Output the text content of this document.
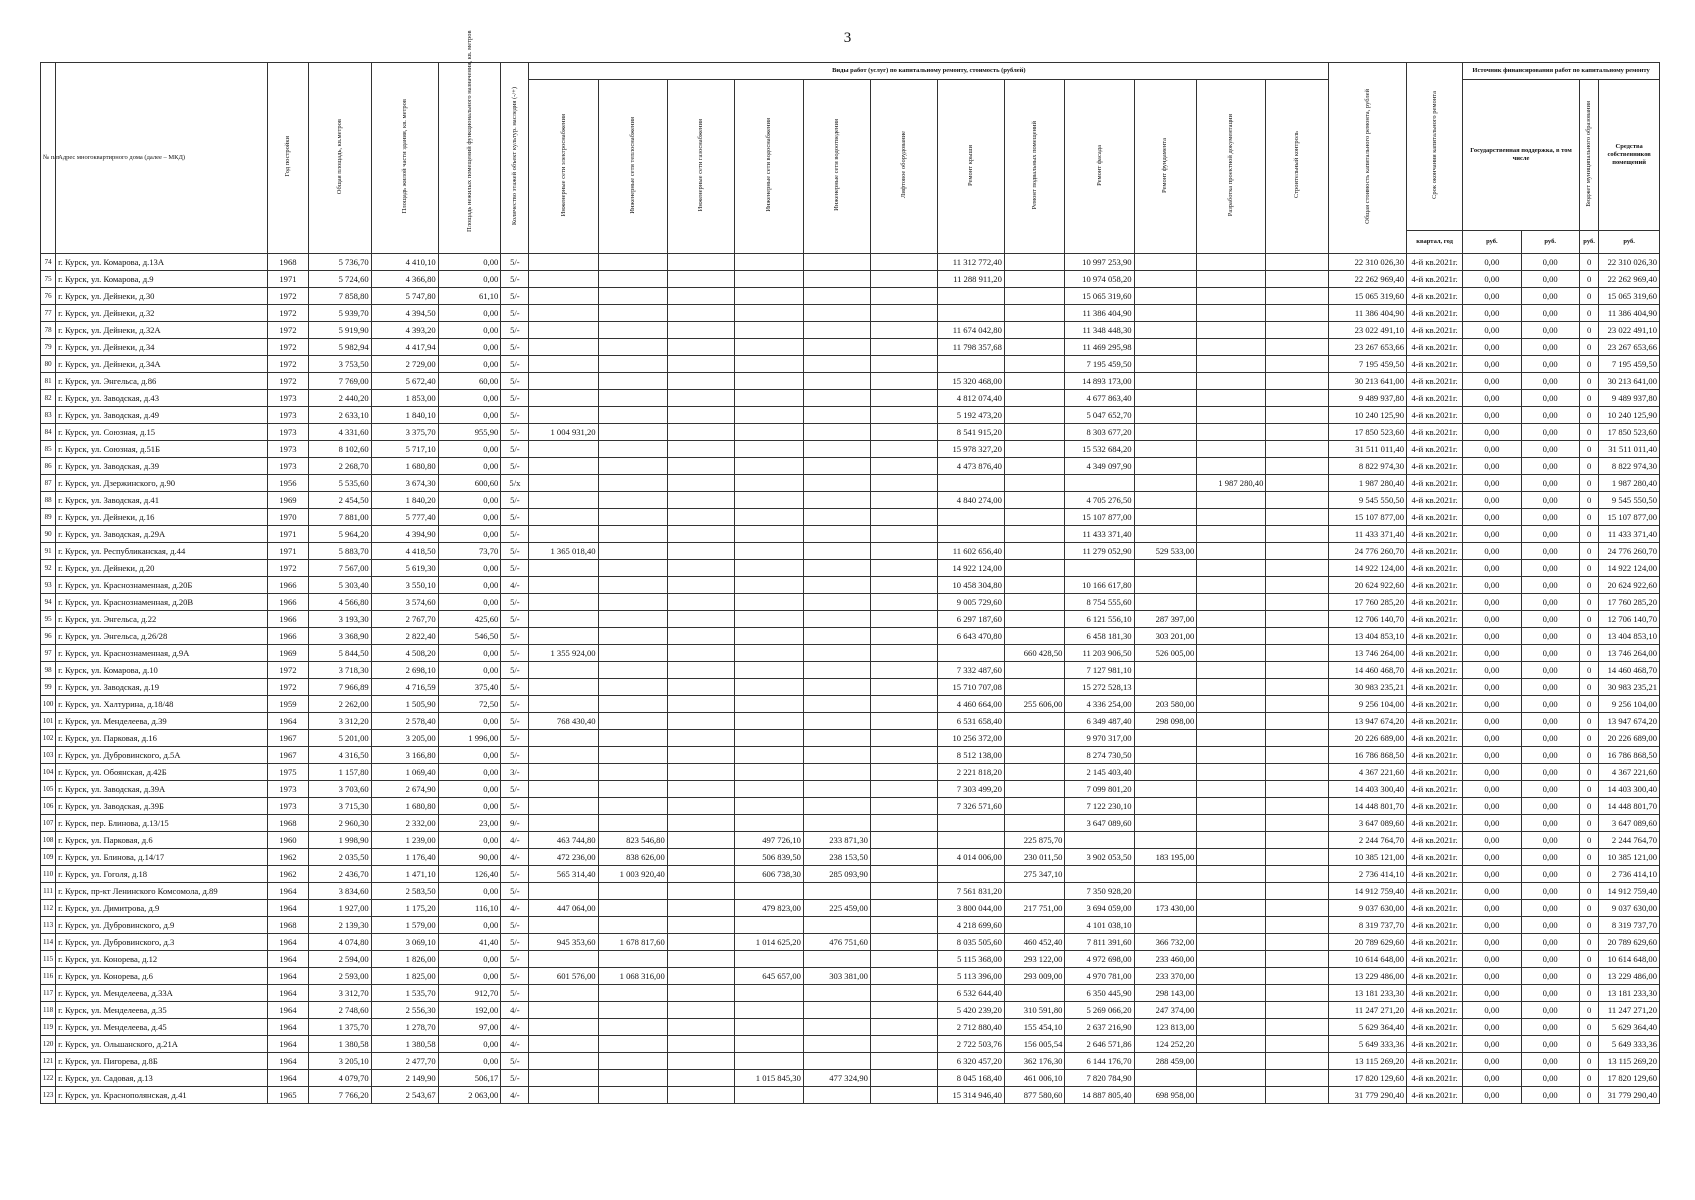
3
№ п/п	Адрес многоквартирного дома (далее – МКД)	Год постройки	Общая площадь, кв.метров	Площадь жилой части здания, кв. метров	Площадь нежилых помещений функционального назначения, кв. метров	Количество этажей объект культур. наследия (-/+)	Виды работ (услуг) по капитальному ремонту, стоимость (рублей)												Общая стоимость капитального ремонта, рублей	Срок окончания капитального ремонта	Источник финансирования работ по капитальному ремонту			
							Инженерные сети электроснабжения	Инженерные сети теплоснабжения	Инженерные сети газоснабжения	Инженерные сети водоснабжения	Инженерные сети водоотведения	Лифтовое оборудование	Ремонт крыши	Ремонт подвальных помещений	Ремонт фасада	Ремонт фундамента	Разработка проектной документации	Строительный контроль			Государственная поддержка, в том числе		Бюджет муниципального образования	Средства собственников помещений
																				квартал, год	руб.	руб.	руб.	руб.
74	г. Курск, ул. Комарова, д.13А	1968	5 736,70	4 410,10	0,00	5/-							11 312 772,40		10 997 253,90				22 310 026,30	4-й кв.2021г.	0,00	0,00	0	22 310 026,30
75	г. Курск, ул. Комарова, д.9	1971	5 724,60	4 366,80	0,00	5/-							11 288 911,20		10 974 058,20				22 262 969,40	4-й кв.2021г.	0,00	0,00	0	22 262 969,40
76	г. Курск, ул. Дейнеки, д.30	1972	7 858,80	5 747,80	61,10	5/-									15 065 319,60				15 065 319,60	4-й кв.2021г.	0,00	0,00	0	15 065 319,60
77	г. Курск, ул. Дейнеки, д.32	1972	5 939,70	4 394,50	0,00	5/-									11 386 404,90				11 386 404,90	4-й кв.2021г.	0,00	0,00	0	11 386 404,90
78	г. Курск, ул. Дейнеки, д.32А	1972	5 919,90	4 393,20	0,00	5/-							11 674 042,80		11 348 448,30				23 022 491,10	4-й кв.2021г.	0,00	0,00	0	23 022 491,10
79	г. Курск, ул. Дейнеки, д.34	1972	5 982,94	4 417,94	0,00	5/-							11 798 357,68		11 469 295,98				23 267 653,66	4-й кв.2021г.	0,00	0,00	0	23 267 653,66
80	г. Курск, ул. Дейнеки, д.34А	1972	3 753,50	2 729,00	0,00	5/-									7 195 459,50				7 195 459,50	4-й кв.2021г.	0,00	0,00	0	7 195 459,50
81	г. Курск, ул. Энгельса, д.86	1972	7 769,00	5 672,40	60,00	5/-							15 320 468,00		14 893 173,00				30 213 641,00	4-й кв.2021г.	0,00	0,00	0	30 213 641,00
82	г. Курск, ул. Заводская, д.43	1973	2 440,20	1 853,00	0,00	5/-							4 812 074,40		4 677 863,40				9 489 937,80	4-й кв.2021г.	0,00	0,00	0	9 489 937,80
83	г. Курск, ул. Заводская, д.49	1973	2 633,10	1 840,10	0,00	5/-							5 192 473,20		5 047 652,70				10 240 125,90	4-й кв.2021г.	0,00	0,00	0	10 240 125,90
84	г. Курск, ул. Союзная, д.15	1973	4 331,60	3 375,70	955,90	5/-	1 004 931,20						8 541 915,20		8 303 677,20				17 850 523,60	4-й кв.2021г.	0,00	0,00	0	17 850 523,60
85	г. Курск, ул. Союзная, д.51Б	1973	8 102,60	5 717,10	0,00	5/-							15 978 327,20		15 532 684,20				31 511 011,40	4-й кв.2021г.	0,00	0,00	0	31 511 011,40
86	г. Курск, ул. Заводская, д.39	1973	2 268,70	1 680,80	0,00	5/-							4 473 876,40		4 349 097,90				8 822 974,30	4-й кв.2021г.	0,00	0,00	0	8 822 974,30
87	г. Курск, ул. Дзержинского, д.90	1956	5 535,60	3 674,30	600,60	5/х											1 987 280,40		1 987 280,40	4-й кв.2021г.	0,00	0,00	0	1 987 280,40
88	г. Курск, ул. Заводская, д.41	1969	2 454,50	1 840,20	0,00	5/-							4 840 274,00		4 705 276,50				9 545 550,50	4-й кв.2021г.	0,00	0,00	0	9 545 550,50
89	г. Курск, ул. Дейнеки, д.16	1970	7 881,00	5 777,40	0,00	5/-									15 107 877,00				15 107 877,00	4-й кв.2021г.	0,00	0,00	0	15 107 877,00
90	г. Курск, ул. Заводская, д.29А	1971	5 964,20	4 394,90	0,00	5/-									11 433 371,40				11 433 371,40	4-й кв.2021г.	0,00	0,00	0	11 433 371,40
91	г. Курск, ул. Республиканская, д.44	1971	5 883,70	4 418,50	73,70	5/-	1 365 018,40						11 602 656,40		11 279 052,90	529 533,00			24 776 260,70	4-й кв.2021г.	0,00	0,00	0	24 776 260,70
92	г. Курск, ул. Дейнеки, д.20	1972	7 567,00	5 619,30	0,00	5/-							14 922 124,00						14 922 124,00	4-й кв.2021г.	0,00	0,00	0	14 922 124,00
93	г. Курск, ул. Краснознаменная, д.20Б	1966	5 303,40	3 550,10	0,00	4/-							10 458 304,80		10 166 617,80				20 624 922,60	4-й кв.2021г.	0,00	0,00	0	20 624 922,60
94	г. Курск, ул. Краснознаменная, д.20В	1966	4 566,80	3 574,60	0,00	5/-							9 005 729,60		8 754 555,60				17 760 285,20	4-й кв.2021г.	0,00	0,00	0	17 760 285,20
95	г. Курск, ул. Энгельса, д.22	1966	3 193,30	2 767,70	425,60	5/-							6 297 187,60		6 121 556,10	287 397,00			12 706 140,70	4-й кв.2021г.	0,00	0,00	0	12 706 140,70
96	г. Курск, ул. Энгельса, д.26/28	1966	3 368,90	2 822,40	546,50	5/-							6 643 470,80		6 458 181,30	303 201,00			13 404 853,10	4-й кв.2021г.	0,00	0,00	0	13 404 853,10
97	г. Курск, ул. Краснознаменная, д.9А	1969	5 844,50	4 508,20	0,00	5/-	1 355 924,00							660 428,50	11 203 906,50	526 005,00			13 746 264,00	4-й кв.2021г.	0,00	0,00	0	13 746 264,00
98	г. Курск, ул. Комарова, д.10	1972	3 718,30	2 698,10	0,00	5/-							7 332 487,60		7 127 981,10				14 460 468,70	4-й кв.2021г.	0,00	0,00	0	14 460 468,70
99	г. Курск, ул. Заводская, д.19	1972	7 966,89	4 716,59	375,40	5/-							15 710 707,08		15 272 528,13				30 983 235,21	4-й кв.2021г.	0,00	0,00	0	30 983 235,21
100	г. Курск, ул. Халтурина, д.18/48	1959	2 262,00	1 505,90	72,50	5/-							4 460 664,00	255 606,00	4 336 254,00	203 580,00			9 256 104,00	4-й кв.2021г.	0,00	0,00	0	9 256 104,00
101	г. Курск, ул. Менделеева, д.39	1964	3 312,20	2 578,40	0,00	5/-	768 430,40						6 531 658,40		6 349 487,40	298 098,00			13 947 674,20	4-й кв.2021г.	0,00	0,00	0	13 947 674,20
102	г. Курск, ул. Парковая, д.16	1967	5 201,00	3 205,00	1 996,00	5/-							10 256 372,00		9 970 317,00				20 226 689,00	4-й кв.2021г.	0,00	0,00	0	20 226 689,00
103	г. Курск, ул. Дубровинского, д.5А	1967	4 316,50	3 166,80	0,00	5/-							8 512 138,00		8 274 730,50				16 786 868,50	4-й кв.2021г.	0,00	0,00	0	16 786 868,50
104	г. Курск, ул. Обоянская, д.42Б	1975	1 157,80	1 069,40	0,00	3/-							2 221 818,20		2 145 403,40				4 367 221,60	4-й кв.2021г.	0,00	0,00	0	4 367 221,60
105	г. Курск, ул. Заводская, д.39А	1973	3 703,60	2 674,90	0,00	5/-							7 303 499,20		7 099 801,20				14 403 300,40	4-й кв.2021г.	0,00	0,00	0	14 403 300,40
106	г. Курск, ул. Заводская, д.39Б	1973	3 715,30	1 680,80	0,00	5/-							7 326 571,60		7 122 230,10				14 448 801,70	4-й кв.2021г.	0,00	0,00	0	14 448 801,70
107	г. Курск, пер. Блинова, д.13/15	1968	2 960,30	2 332,00	23,00	9/-									3 647 089,60				3 647 089,60	4-й кв.2021г.	0,00	0,00	0	3 647 089,60
108	г. Курск, ул. Парковая, д.6	1960	1 998,90	1 239,00	0,00	4/-	463 744,80	823 546,80		497 726,10	233 871,30			225 875,70					2 244 764,70	4-й кв.2021г.	0,00	0,00	0	2 244 764,70
109	г. Курск, ул. Блинова, д.14/17	1962	2 035,50	1 176,40	90,00	4/-	472 236,00	838 626,00		506 839,50	238 153,50		4 014 006,00	230 011,50	3 902 053,50	183 195,00			10 385 121,00	4-й кв.2021г.	0,00	0,00	0	10 385 121,00
110	г. Курск, ул. Гоголя, д.18	1962	2 436,70	1 471,10	126,40	5/-	565 314,40	1 003 920,40		606 738,30	285 093,90			275 347,10					2 736 414,10	4-й кв.2021г.	0,00	0,00	0	2 736 414,10
111	г. Курск, пр-кт Ленинского Комсомола, д.89	1964	3 834,60	2 583,50	0,00	5/-							7 561 831,20		7 350 928,20				14 912 759,40	4-й кв.2021г.	0,00	0,00	0	14 912 759,40
112	г. Курск, ул. Димитрова, д.9	1964	1 927,00	1 175,20	116,10	4/-	447 064,00			479 823,00	225 459,00		3 800 044,00	217 751,00	3 694 059,00	173 430,00			9 037 630,00	4-й кв.2021г.	0,00	0,00	0	9 037 630,00
113	г. Курск, ул. Дубровинского, д.9	1968	2 139,30	1 579,00	0,00	5/-							4 218 699,60		4 101 038,10				8 319 737,70	4-й кв.2021г.	0,00	0,00	0	8 319 737,70
114	г. Курск, ул. Дубровинского, д.3	1964	4 074,80	3 069,10	41,40	5/-	945 353,60	1 678 817,60		1 014 625,20	476 751,60		8 035 505,60	460 452,40	7 811 391,60	366 732,00			20 789 629,60	4-й кв.2021г.	0,00	0,00	0	20 789 629,60
115	г. Курск, ул. Конорева, д.12	1964	2 594,00	1 826,00	0,00	5/-							5 115 368,00	293 122,00	4 972 698,00	233 460,00			10 614 648,00	4-й кв.2021г.	0,00	0,00	0	10 614 648,00
116	г. Курск, ул. Конорева, д.6	1964	2 593,00	1 825,00	0,00	5/-	601 576,00	1 068 316,00		645 657,00	303 381,00		5 113 396,00	293 009,00	4 970 781,00	233 370,00			13 229 486,00	4-й кв.2021г.	0,00	0,00	0	13 229 486,00
117	г. Курск, ул. Менделеева, д.33А	1964	3 312,70	1 535,70	912,70	5/-							6 532 644,40		6 350 445,90	298 143,00			13 181 233,30	4-й кв.2021г.	0,00	0,00	0	13 181 233,30
118	г. Курск, ул. Менделеева, д.35	1964	2 748,60	2 556,30	192,00	4/-							5 420 239,20	310 591,80	5 269 066,20	247 374,00			11 247 271,20	4-й кв.2021г.	0,00	0,00	0	11 247 271,20
119	г. Курск, ул. Менделеева, д.45	1964	1 375,70	1 278,70	97,00	4/-							2 712 880,40	155 454,10	2 637 216,90	123 813,00			5 629 364,40	4-й кв.2021г.	0,00	0,00	0	5 629 364,40
120	г. Курск, ул. Ольшанского, д.21А	1964	1 380,58	1 380,58	0,00	4/-							2 722 503,76	156 005,54	2 646 571,86	124 252,20			5 649 333,36	4-й кв.2021г.	0,00	0,00	0	5 649 333,36
121	г. Курск, ул. Пигорева, д.8Б	1964	3 205,10	2 477,70	0,00	5/-							6 320 457,20	362 176,30	6 144 176,70	288 459,00			13 115 269,20	4-й кв.2021г.	0,00	0,00	0	13 115 269,20
122	г. Курск, ул. Садовая, д.13	1964	4 079,70	2 149,90	506,17	5/-				1 015 845,30	477 324,90		8 045 168,40	461 006,10	7 820 784,90				17 820 129,60	4-й кв.2021г.	0,00	0,00	0	17 820 129,60
123	г. Курск, ул. Краснополянская, д.41	1965	7 766,20	2 543,67	2 063,00	4/-							15 314 946,40	877 580,60	14 887 805,40	698 958,00			31 779 290,40	4-й кв.2021г.	0,00	0,00	0	31 779 290,40
